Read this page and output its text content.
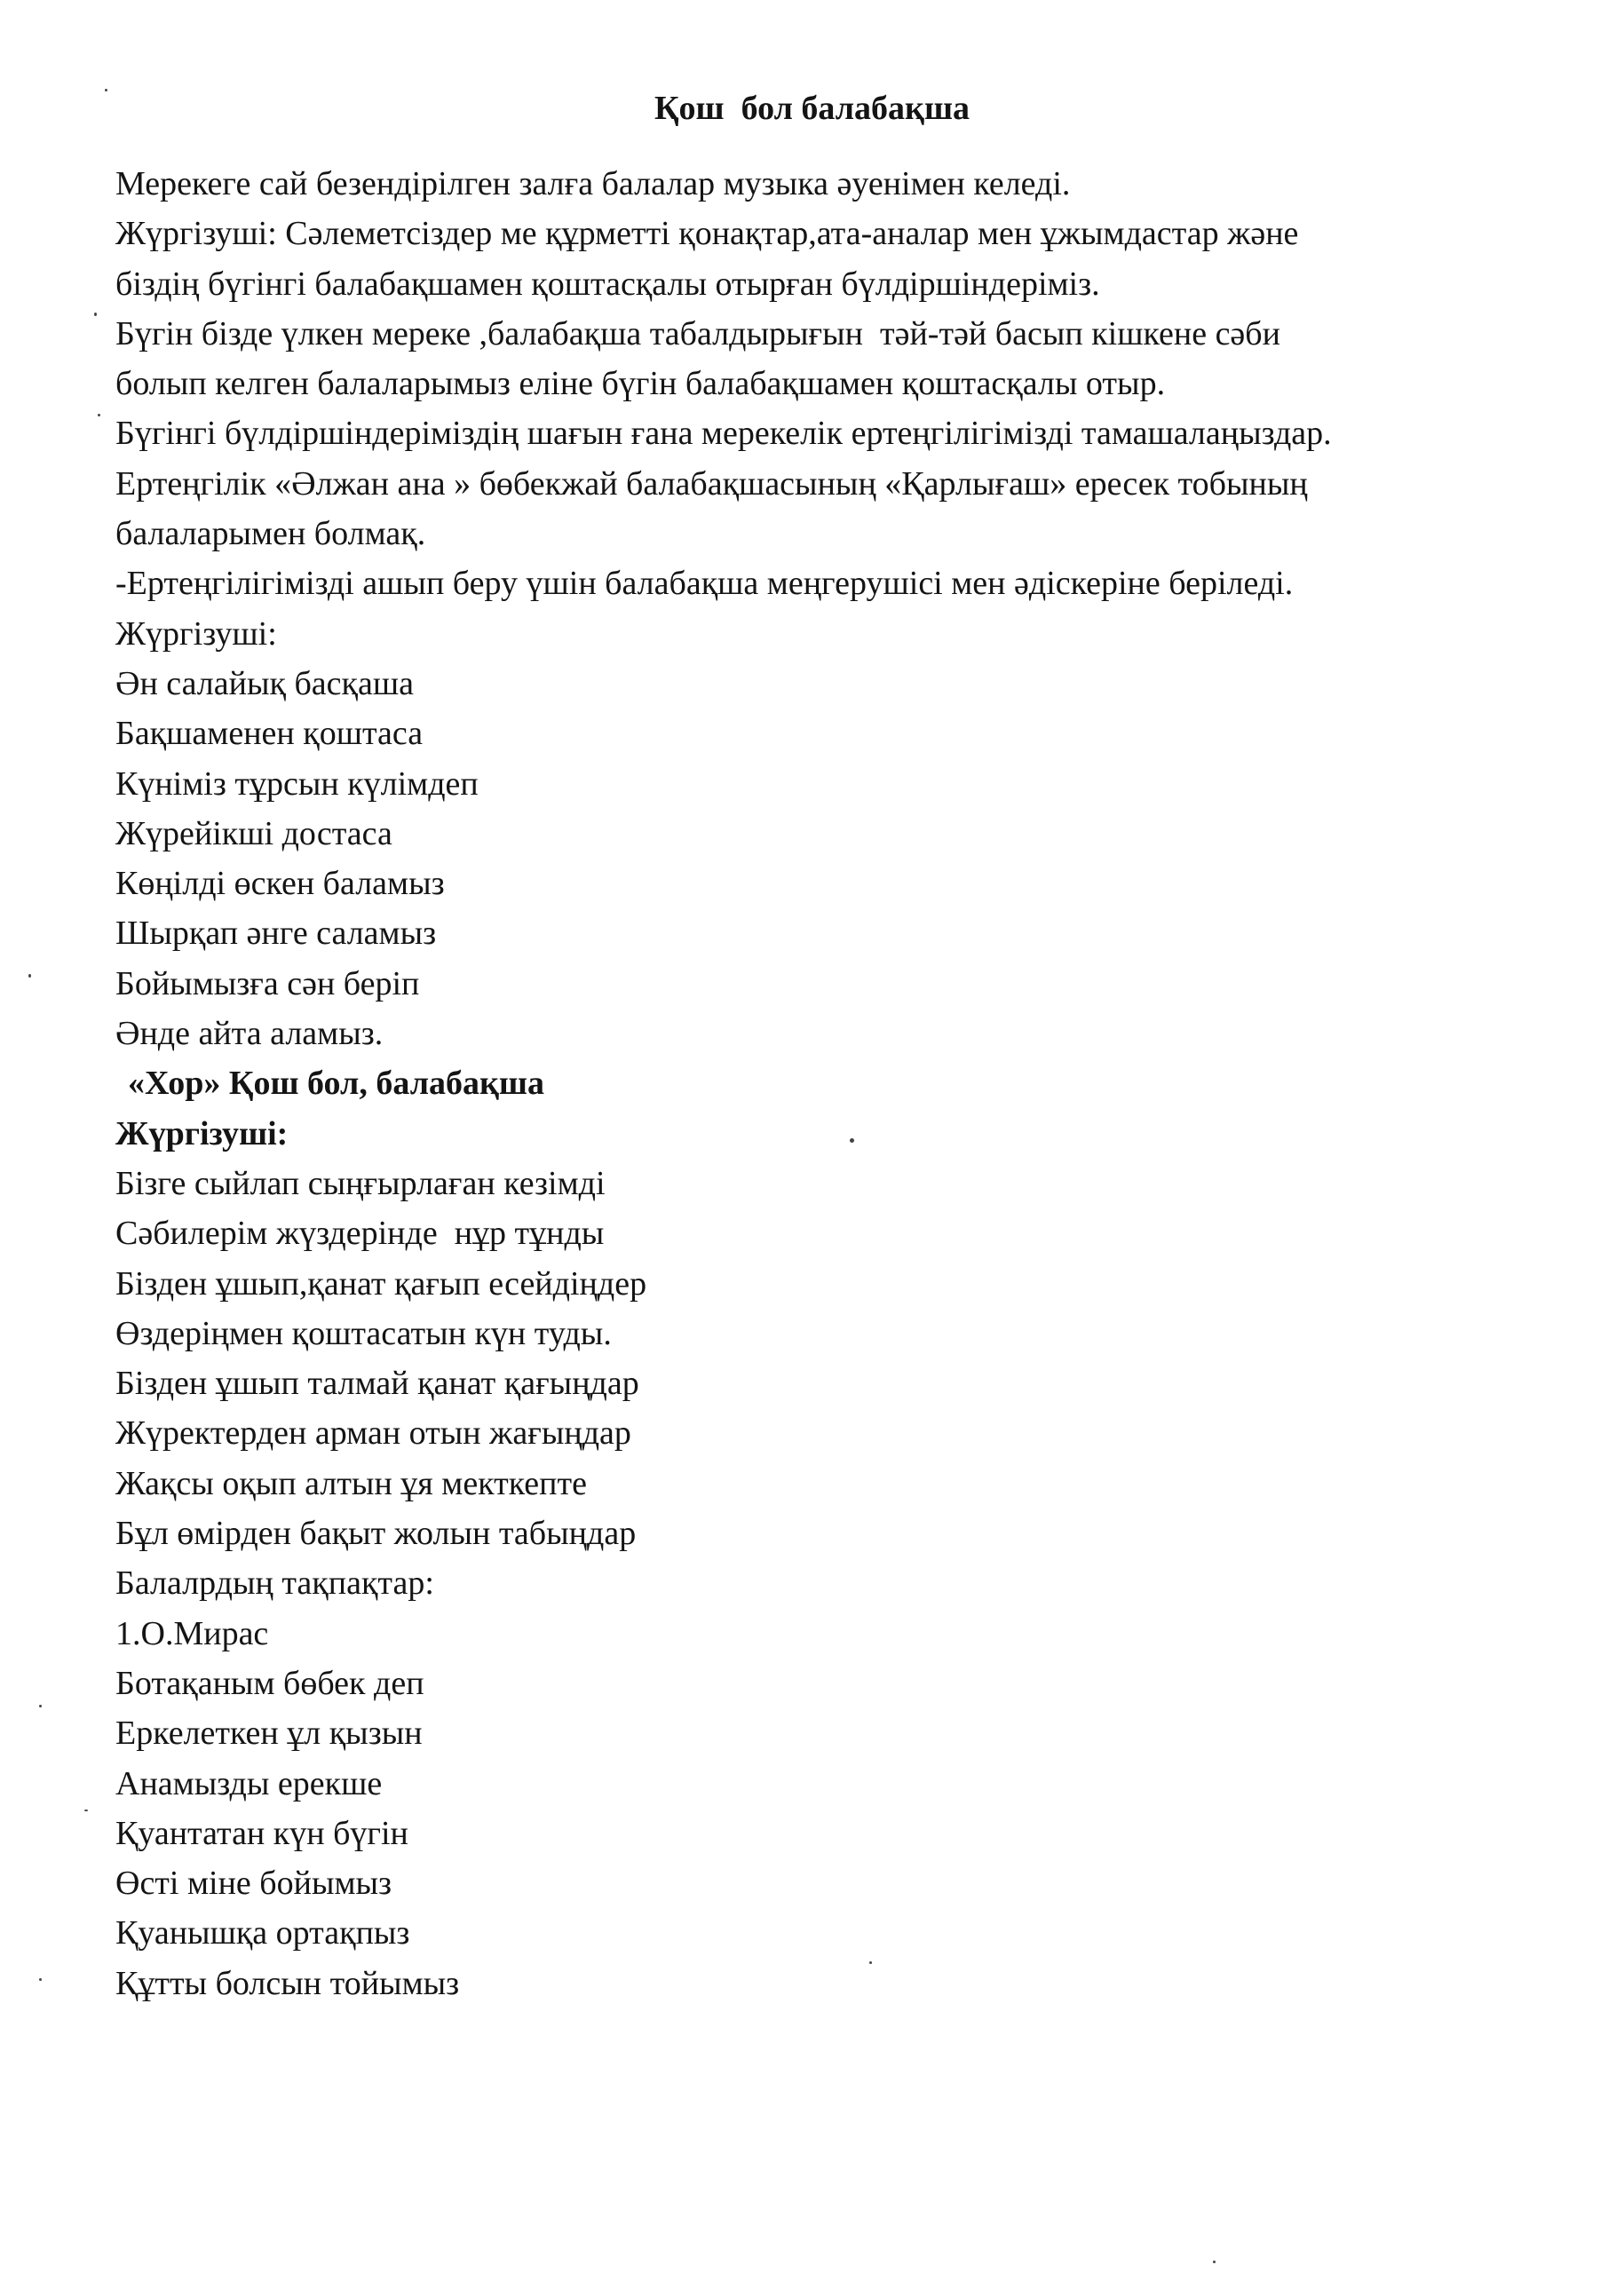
Қош  бол балабақша
Мерекеге сай безендірілген залға балалар музыка әуенімен келеді.
Жүргізуші: Сәлеметсіздер ме құрметті қонақтар,ата-аналар мен ұжымдастар және
біздің бүгінгі балабақшамен қоштасқалы отырған бүлдіршіндеріміз.
Бүгін бізде үлкен мереке ,балабақша табалдырығын  тәй-тәй басып кішкене сәби
болып келген балаларымыз еліне бүгін балабақшамен қоштасқалы отыр.
Бүгінгі бүлдіршіндеріміздің шағын ғана мерекелік ертеңгілігімізді тамашалаңыздар.
Ертеңгілік «Әлжан ана » бөбекжай балабақшасының «Қарлығаш» ересек тобының
балаларымен болмақ.
-Ертеңгілігімізді ашып беру үшін балабақша меңгерушісі мен әдіскеріне беріледі.
Жүргізуші:
Ән салайық басқаша
Бақшаменен қоштаса
Күніміз тұрсын күлімдеп
Жүрейікші достаса
Көңілді өскен баламыз
Шырқап әнге саламыз
Бойымызға сән беріп
Әнде айта аламыз.
«Хор» Қош бол, балабақша
Жүргізуші:
Бізге сыйлап сыңғырлаған кезімді
Сәбилерім жүздерінде  нұр тұнды
Бізден ұшып,қанат қағып есейдіңдер
Өздеріңмен қоштасатын күн туды.
Бізден ұшып талмай қанат қағыңдар
Жүректерден арман отын жағыңдар
Жақсы оқып алтын ұя мекткепте
Бұл өмірден бақыт жолын табыңдар
Балалрдың тақпақтар:
1.О.Мирас
Ботақаным бөбек деп
Еркелеткен ұл қызын
Анамызды ерекше
Қуантатан күн бүгін
Өсті міне бойымыз
Қуанышқа ортақпыз
Құтты болсын тойымыз
